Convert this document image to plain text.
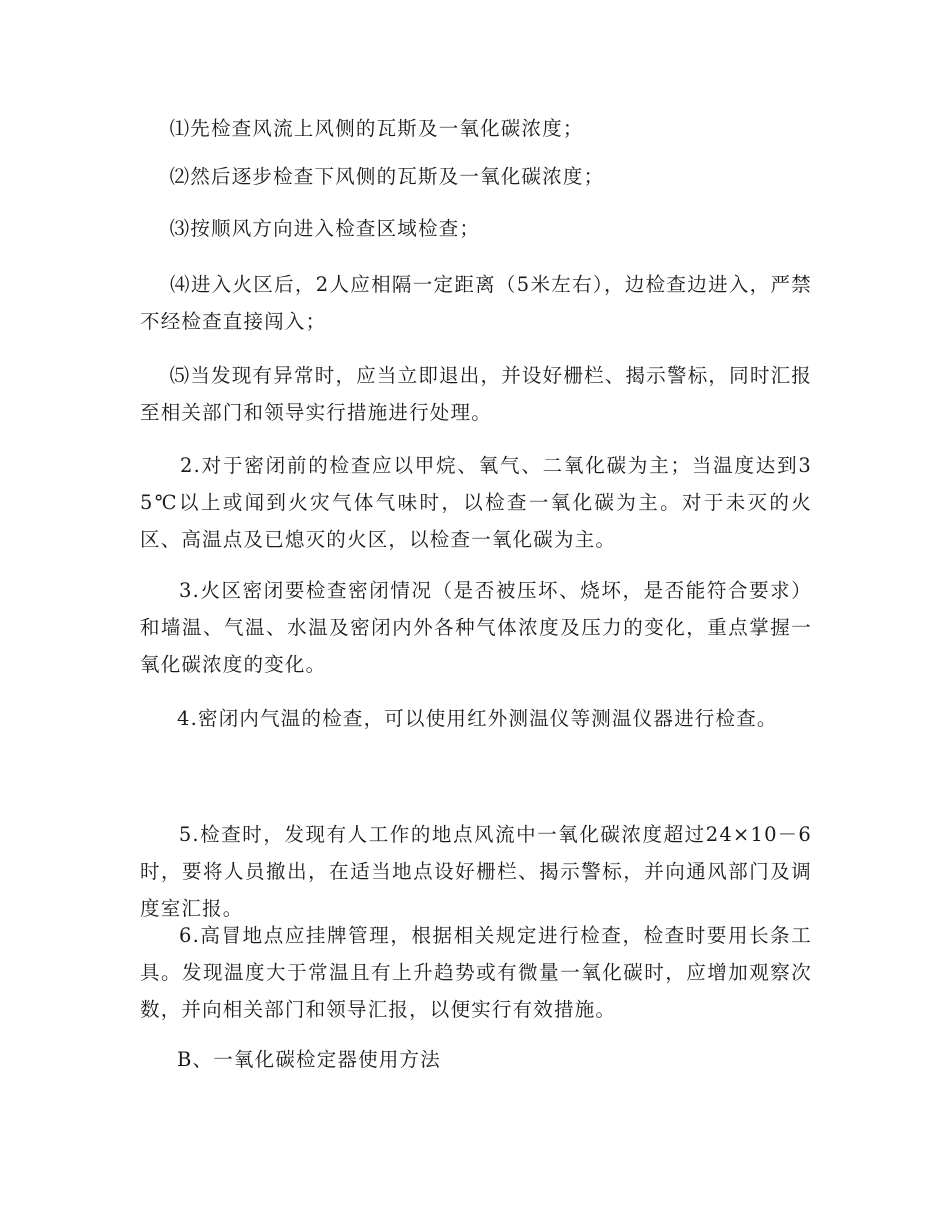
⑴先检查风流上风侧的瓦斯及一氧化碳浓度；

⑵然后逐步检查下风侧的瓦斯及一氧化碳浓度；

⑶按顺风方向进入检查区域检查；

⑷进入火区后，2人应相隔一定距离（5米左右），边检查边进入，严禁不经检查直接闯入；

⑸当发现有异常时，应当立即退出，并设好栅栏、揭示警标，同时汇报至相关部门和领导实行措施进行处理。

2.对于密闭前的检查应以甲烷、氧气、二氧化碳为主；当温度达到35℃以上或闻到火灾气体气味时，以检查一氧化碳为主。对于未灭的火区、高温点及已熄灭的火区，以检查一氧化碳为主。

3.火区密闭要检查密闭情况（是否被压坏、烧坏，是否能符合要求）和墙温、气温、水温及密闭内外各种气体浓度及压力的变化，重点掌握一氧化碳浓度的变化。

4.密闭内气温的检查，可以使用红外测温仪等测温仪器进行检查。

5.检查时，发现有人工作的地点风流中一氧化碳浓度超过24×10－6时，要将人员撤出，在适当地点设好栅栏、揭示警标，并向通风部门及调度室汇报。

6.高冒地点应挂牌管理，根据相关规定进行检查，检查时要用长条工具。发现温度大于常温且有上升趋势或有微量一氧化碳时，应增加观察次数，并向相关部门和领导汇报，以便实行有效措施。

B、一氧化碳检定器使用方法
